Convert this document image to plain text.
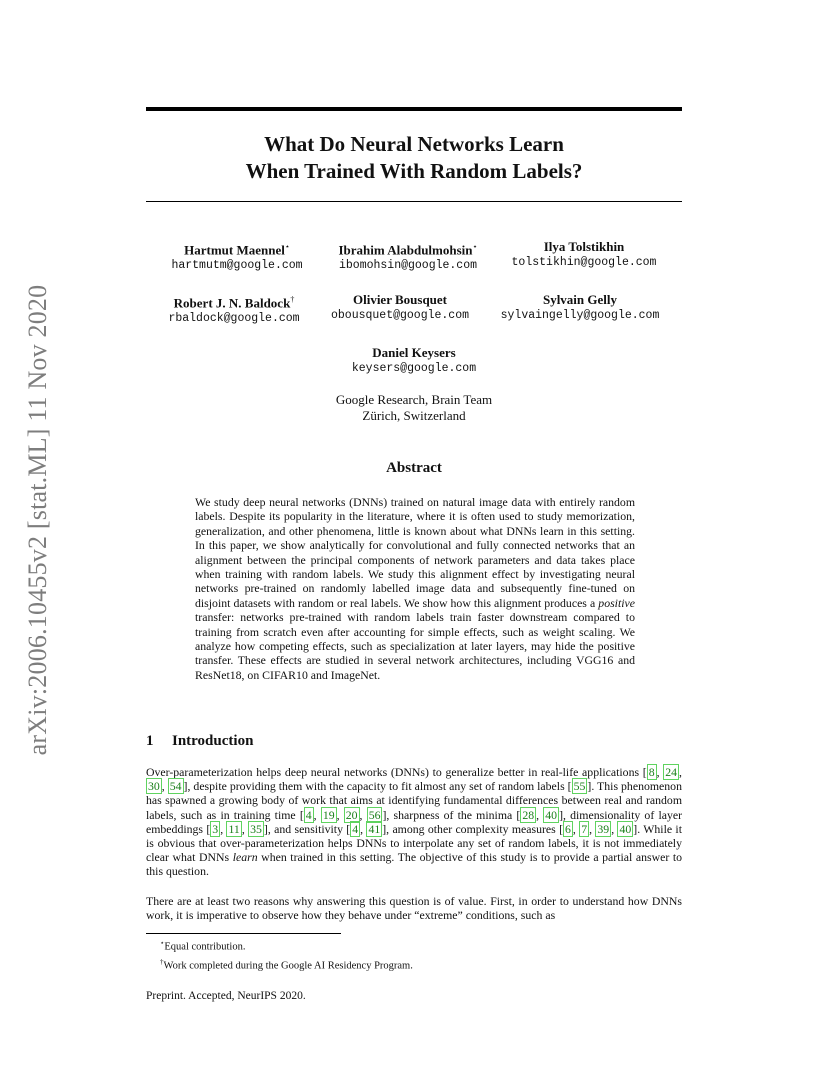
arXiv:2006.10455v2 [stat.ML] 11 Nov 2020
What Do Neural Networks Learn
When Trained With Random Labels?
Hartmut Maennel⋆
hartmutm@google.com
Ibrahim Alabdulmohsin⋆
ibomohsin@google.com
Ilya Tolstikhin
tolstikhin@google.com
Robert J. N. Baldock†
rbaldock@google.com
Olivier Bousquet
obousquet@google.com
Sylvain Gelly
sylvaingelly@google.com
Daniel Keysers
keysers@google.com
Google Research, Brain Team
Zürich, Switzerland
Abstract

We study deep neural networks (DNNs) trained on natural image data with entirely random labels. Despite its popularity in the literature, where it is often used to study memorization, generalization, and other phenomena, little is known about what DNNs learn in this setting. In this paper, we show analytically for convolutional and fully connected networks that an alignment between the principal components of network parameters and data takes place when training with random labels. We study this alignment effect by investigating neural networks pre-trained on randomly labelled image data and subsequently fine-tuned on disjoint datasets with random or real labels. We show how this alignment produces a positive transfer: networks pre-trained with random labels train faster downstream compared to training from scratch even after accounting for simple effects, such as weight scaling. We analyze how competing effects, such as specialization at later layers, may hide the positive transfer. These effects are studied in several network architectures, including VGG16 and ResNet18, on CIFAR10 and ImageNet.

1 Introduction

Over-parameterization helps deep neural networks (DNNs) to generalize better in real-life applications [ 8 , 24 , 30 , 54 ], despite providing them with the capacity to fit almost any set of random labels [ 55 ]. This phenomenon has spawned a growing body of work that aims at identifying fundamental differences between real and random labels, such as in training time [ 4 , 19 , 20 , 56 ], sharpness of the minima [ 28 , 40 ], dimensionality of layer embeddings [ 3 , 11 , 35 ], and sensitivity [ 4 , 41 ], among other complexity measures [ 6 , 7 , 39 , 40 ]. While it is obvious that over-parameterization helps DNNs to interpolate any set of random labels, it is not immediately clear what DNNs learn when trained in this setting. The objective of this study is to provide a partial answer to this question.

There are at least two reasons why answering this question is of value. First, in order to understand how DNNs work, it is imperative to observe how they behave under “extreme” conditions, such as

⋆Equal contribution.
†Work completed during the Google AI Residency Program.
Preprint. Accepted, NeurIPS 2020.
